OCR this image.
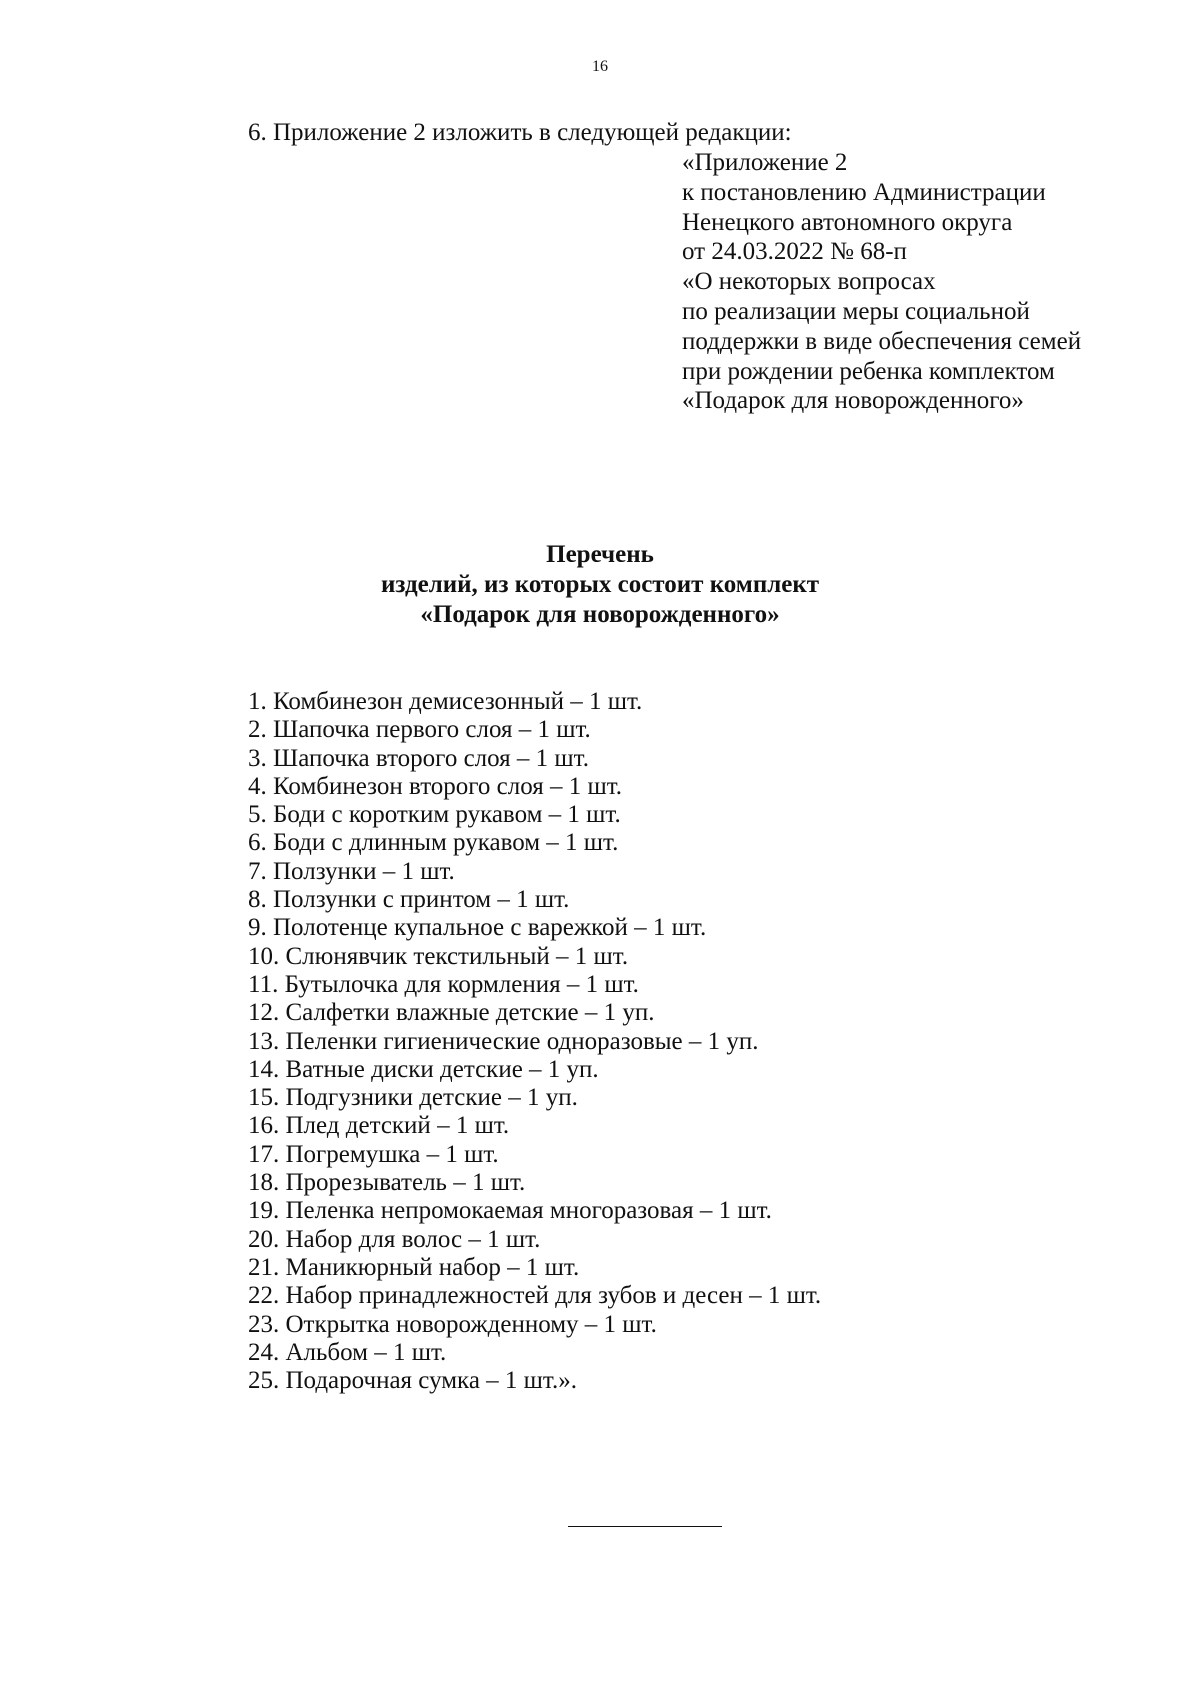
16
6. Приложение 2 изложить в следующей редакции:
«Приложение 2
к постановлению Администрации
Ненецкого автономного округа
от 24.03.2022 № 68-п
«О некоторых вопросах
по реализации меры социальной
поддержки в виде обеспечения семей
при рождении ребенка комплектом
«Подарок для новорожденного»
Перечень
изделий, из которых состоит комплект
«Подарок для новорожденного»
1. Комбинезон демисезонный – 1 шт.
2. Шапочка первого слоя – 1 шт.
3. Шапочка второго слоя – 1 шт.
4. Комбинезон второго слоя – 1 шт.
5. Боди с коротким рукавом – 1 шт.
6. Боди с длинным рукавом – 1 шт.
7. Ползунки – 1 шт.
8. Ползунки с принтом – 1 шт.
9. Полотенце купальное с варежкой – 1 шт.
10. Слюнявчик текстильный – 1 шт.
11. Бутылочка для кормления – 1 шт.
12. Салфетки влажные детские – 1 уп.
13. Пеленки гигиенические одноразовые – 1 уп.
14. Ватные диски детские – 1 уп.
15. Подгузники детские – 1 уп.
16. Плед детский – 1 шт.
17. Погремушка – 1 шт.
18. Прорезыватель – 1 шт.
19. Пеленка непромокаемая многоразовая – 1 шт.
20. Набор для волос – 1 шт.
21. Маникюрный набор – 1 шт.
22. Набор принадлежностей для зубов и десен – 1 шт.
23. Открытка новорожденному – 1 шт.
24. Альбом – 1 шт.
25. Подарочная сумка – 1 шт.».
